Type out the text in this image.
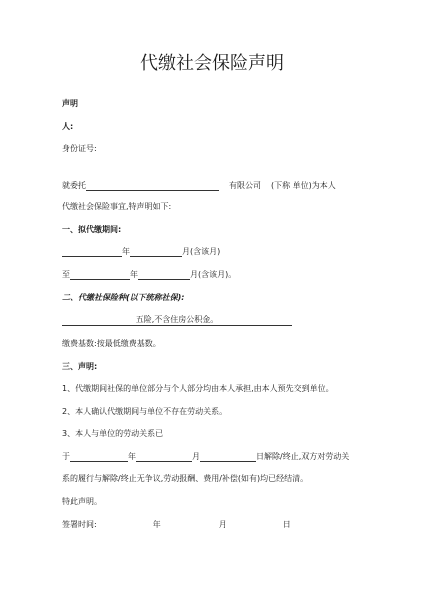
代缴社会保险声明
声明
人:
身份证号:
就委托	有限公司 (下称 单位)为本人
代缴社会保险事宜,特声明如下:
一、拟代缴期间:
年	月(含该月)
至	年	月(含该月)。
二、代缴社保险种(以下统称社保):
五险,不含住房公积金。
缴费基数:按最低缴费基数。
三、声明:
1、代缴期间社保的单位部分与个人部分均由本人承担,由本人预先交到单位。
2、本人确认代缴期间与单位不存在劳动关系。
3、本人与单位的劳动关系已
于	年	月	日解除/终止,双方对劳动关
系的履行与解除/终止无争议,劳动报酬、费用/补偿(如有)均已经结清。
特此声明。
签署时间:	年	月	日
